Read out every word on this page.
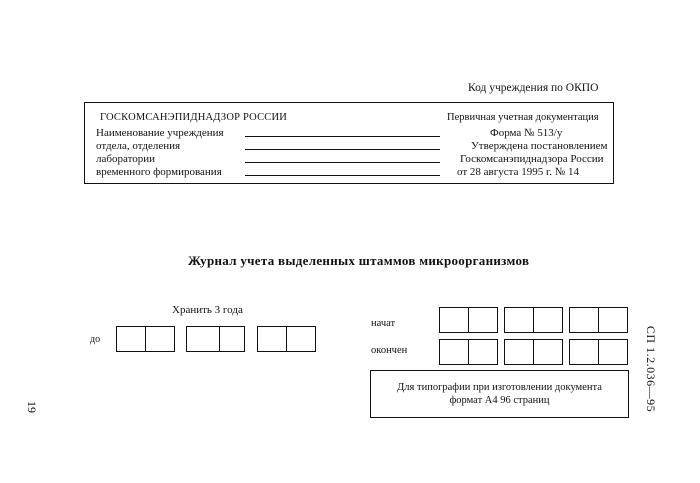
Код учреждения по ОКПО
ГОСКОМСАНЭПИДНАДЗОР РОССИИ	Первичная учетная документация
Наименование учреждения
отдела, отделения
лаборатории
временного формирования
Форма № 513/у
Утверждена постановлением
Госкомсанэпиднадзора России
от 28 августа 1995 г. № 14
Журнал учета выделенных штаммов микроорганизмов
Хранить 3 года
до
начат
окончен
Для типографии при изготовлении документа
формат А4 96 страниц	СП 1.2.036—95
19
